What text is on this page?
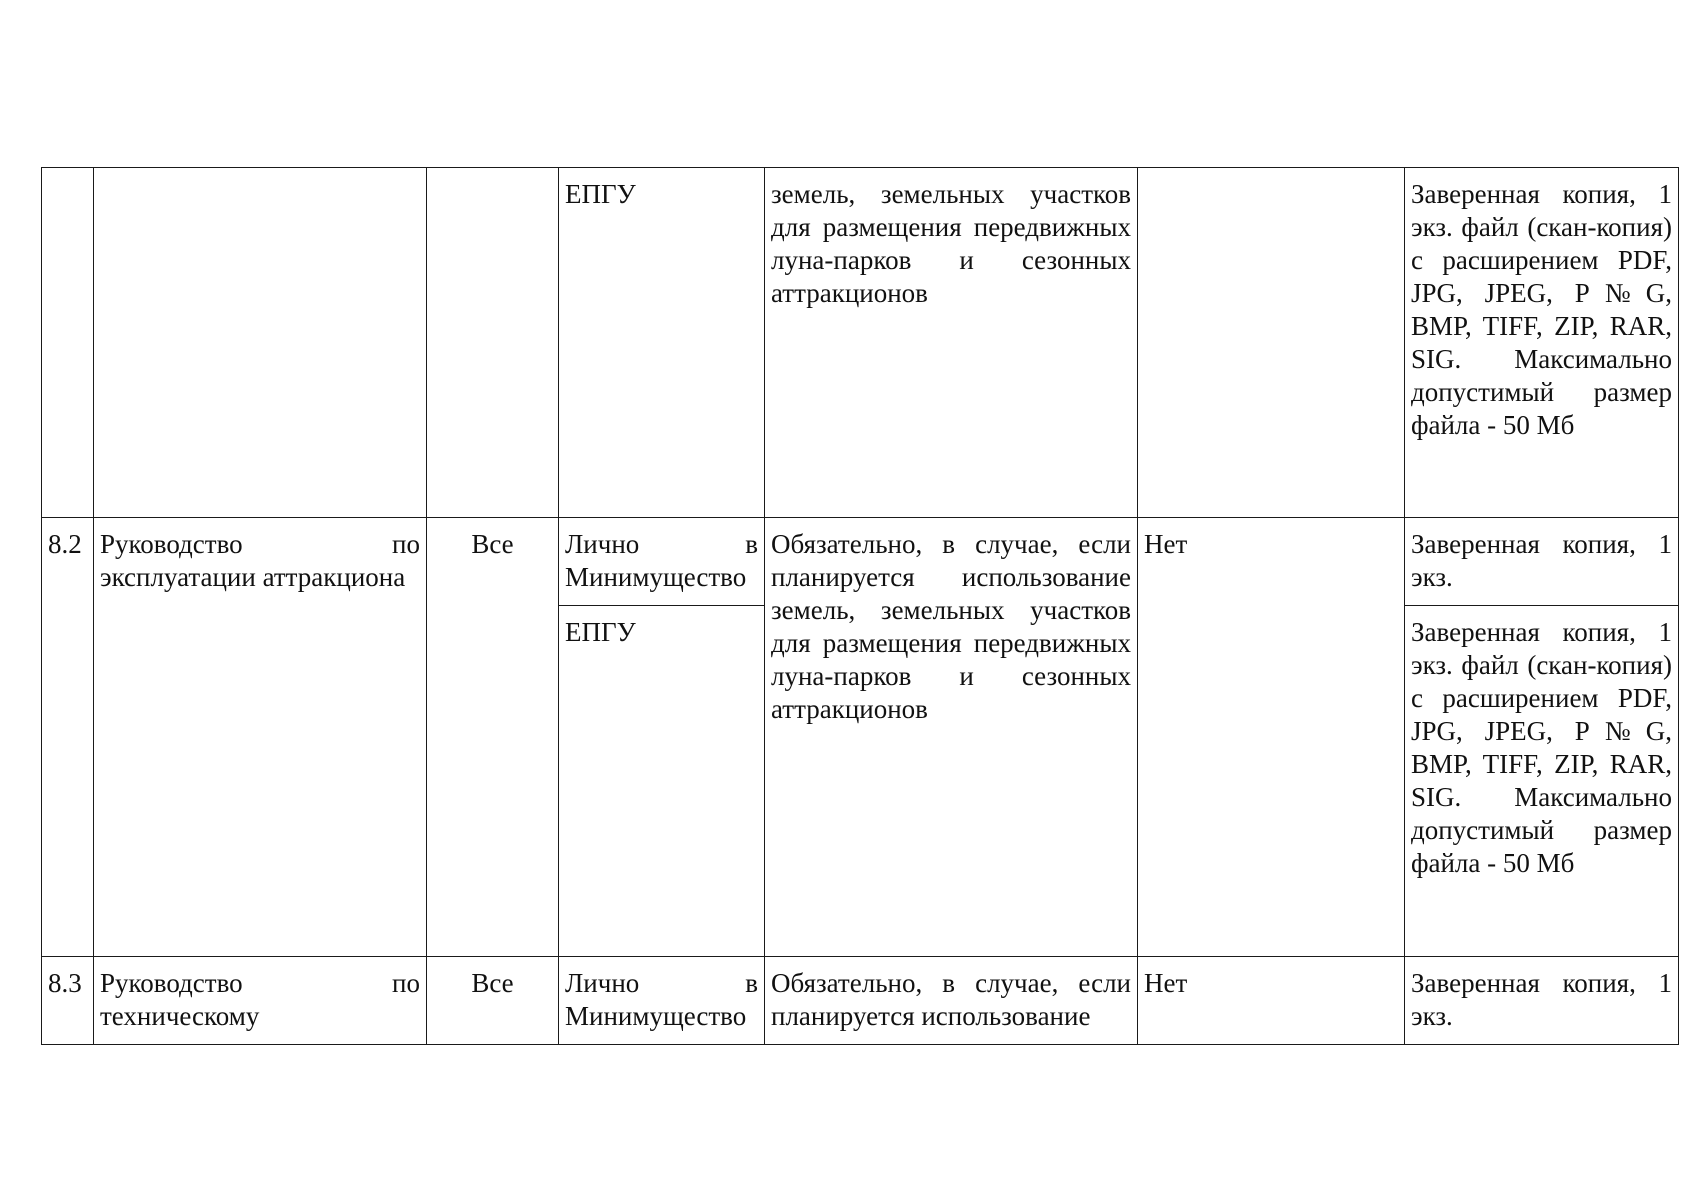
			ЕПГУ	земель, земельных участков для размещения передвижных луна-парков и сезонных аттракционов		Заверенная копия, 1 экз. файл (скан-копия) с расширением PDF, JPG, JPEG, P№G, BMP, TIFF, ZIP, RAR, SIG. Максимально допустимый размер файла - 50 Мб
8.2	Руководство по эксплуатации аттракциона	Все	Лично в Минимущество	Обязательно, в случае, если планируется использование земель, земельных участков для размещения передвижных луна-парков и сезонных аттракционов	Нет	Заверенная копия, 1 экз.
			ЕПГУ			Заверенная копия, 1 экз. файл (скан-копия) с расширением PDF, JPG, JPEG, P№G, BMP, TIFF, ZIP, RAR, SIG. Максимально допустимый размер файла - 50 Мб
8.3	Руководство по техническому	Все	Лично в Минимущество	Обязательно, в случае, если планируется использование	Нет	Заверенная копия, 1 экз.
